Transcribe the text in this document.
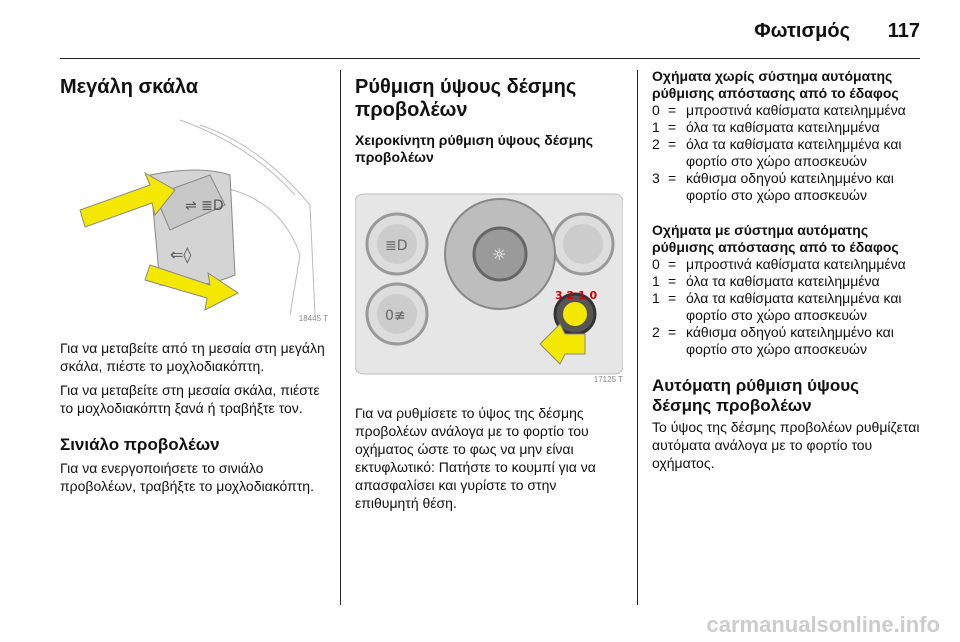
Φωτισμός 117
Μεγάλη σκάλα
⇐◊
⇌ ≣D
18445 T

Για να μεταβείτε από τη μεσαία στη μεγάλη σκάλα, πιέστε το μοχλοδιακόπτη.

Για να μεταβείτε στη μεσαία σκάλα, πιέστε το μοχλοδιακόπτη ξανά ή τραβήξτε τον.

Σινιάλο προβολέων

Για να ενεργοποιήσετε το σινιάλο προβολέων, τραβήξτε το μοχλοδιακόπτη.

Ρύθμιση ύψους δέσμης προβολέων
Χειροκίνητη ρύθμιση ύψους δέσμης προβολέων
≣D
0≢
☼
3 2 1 0
17125 T

Για να ρυθμίσετε το ύψος της δέσμης προβολέων ανάλογα με το φορτίο του οχήματος ώστε το φως να μην είναι εκτυφλωτικό: Πατήστε το κουμπί για να απασφαλίσει και γυρίστε το στην επιθυμητή θέση.

Οχήματα χωρίς σύστημα αυτόματης ρύθμισης απόστασης από το έδαφος
0 = μπροστινά καθίσματα κατειλημμένα
1 = όλα τα καθίσματα κατειλημμένα
2 = όλα τα καθίσματα κατειλημμένα και φορτίο στο χώρο αποσκευών
3 = κάθισμα οδηγού κατειλημμένο και φορτίο στο χώρο αποσκευών
Οχήματα με σύστημα αυτόματης ρύθμισης απόστασης από το έδαφος
0 = μπροστινά καθίσματα κατειλημμένα
1 = όλα τα καθίσματα κατειλημμένα
1 = όλα τα καθίσματα κατειλημμένα και φορτίο στο χώρο αποσκευών
2 = κάθισμα οδηγού κατειλημμένο και φορτίο στο χώρο αποσκευών
Αυτόματη ρύθμιση ύψους δέσμης προβολέων

Το ύψος της δέσμης προβολέων ρυθμίζεται αυτόματα ανάλογα με το φορτίο του οχήματος.

carmanualsonline.info
